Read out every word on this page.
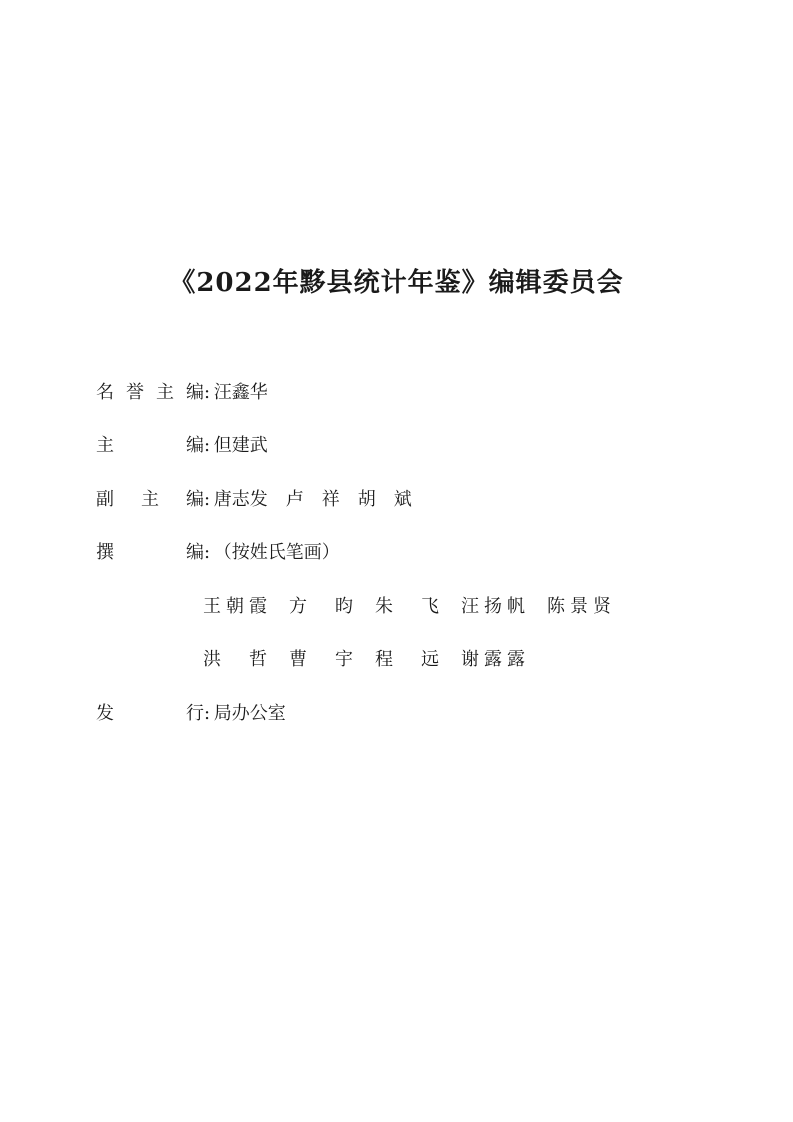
《2022年黟县统计年鉴》编辑委员会
名誉主编: 汪鑫华
主编: 但建武
副主编: 唐志发　卢　祥　胡　斌
撰编: （按姓氏笔画）
王朝霞 方　昀 朱　飞 汪扬帆 陈景贤
洪　哲 曹　宇 程　远 谢露露
发行: 局办公室
